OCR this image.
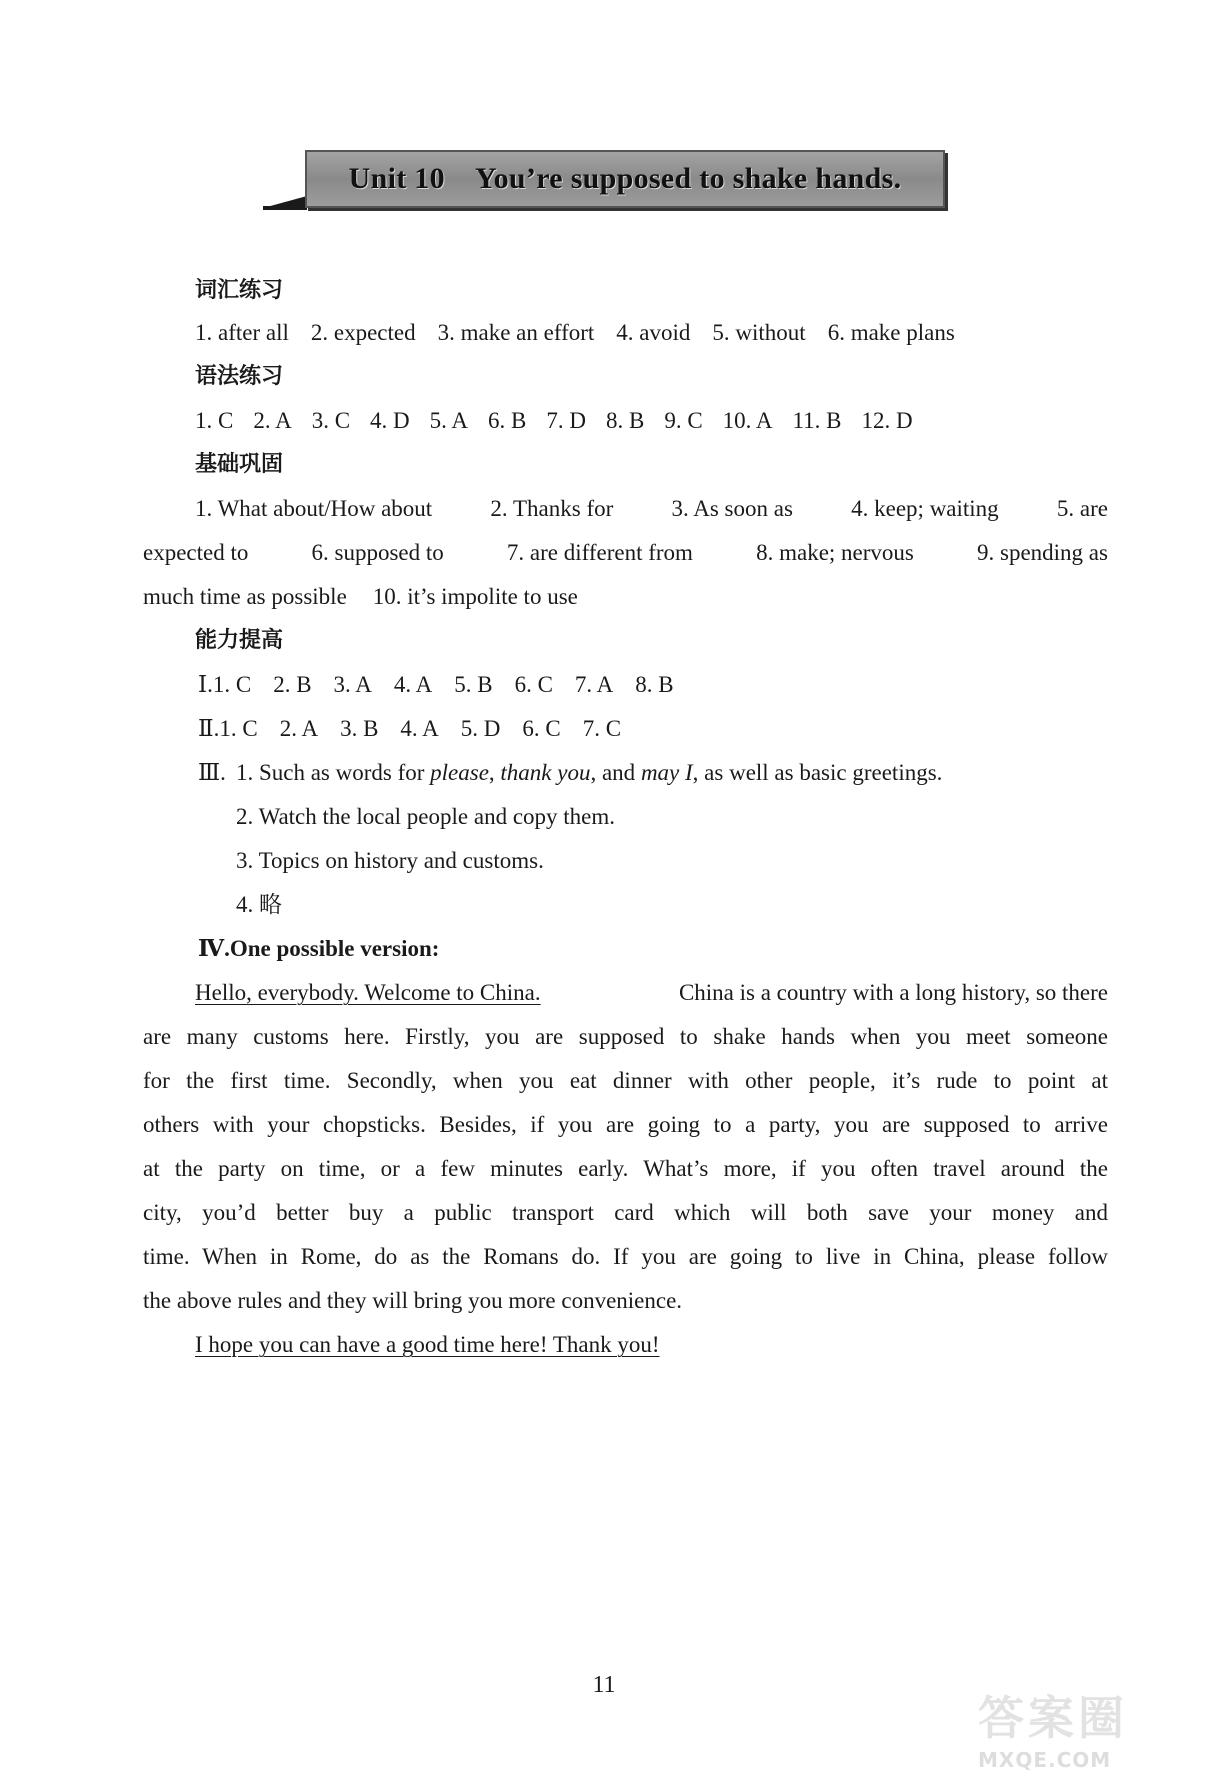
Unit 10    You’re supposed to shake hands.
词汇练习
1. after all 2. expected 3. make an effort 4. avoid 5. without 6. make plans
语法练习
1. C 2. A 3. C 4. D 5. A 6. B 7. D 8. B 9. C 10. A 11. B 12. D
基础巩固
1. What about/How about	2. Thanks for	3. As soon as	4. keep; waiting	5. are
expected to	6. supposed to	7. are different from	8. make; nervous	9. spending as
much time as possible 10. it’s impolite to use
能力提高
Ⅰ.1. C 2. B 3. A 4. A 5. B 6. C 7. A 8. B
Ⅱ.1. C 2. A 3. B 4. A 5. D 6. C 7. C
Ⅲ. 1. Such as words for please, thank you, and may I, as well as basic greetings.
2. Watch the local people and copy them.
3. Topics on history and customs.
4. 略
Ⅳ.One possible version:
Hello, everybody. Welcome to China.	China is a country with a long history, so there
are many customs here. Firstly, you are supposed to shake hands when you meet someone
for the first time. Secondly, when you eat dinner with other people, it’s rude to point at
others with your chopsticks. Besides, if you are going to a party, you are supposed to arrive
at the party on time, or a few minutes early. What’s more, if you often travel around the
city, you’d better buy a public transport card which will both save your money and
time. When in Rome, do as the Romans do. If you are going to live in China, please follow
the above rules and they will bring you more convenience.
I hope you can have a good time here! Thank you!
11
答案圈
MXQE.COM
